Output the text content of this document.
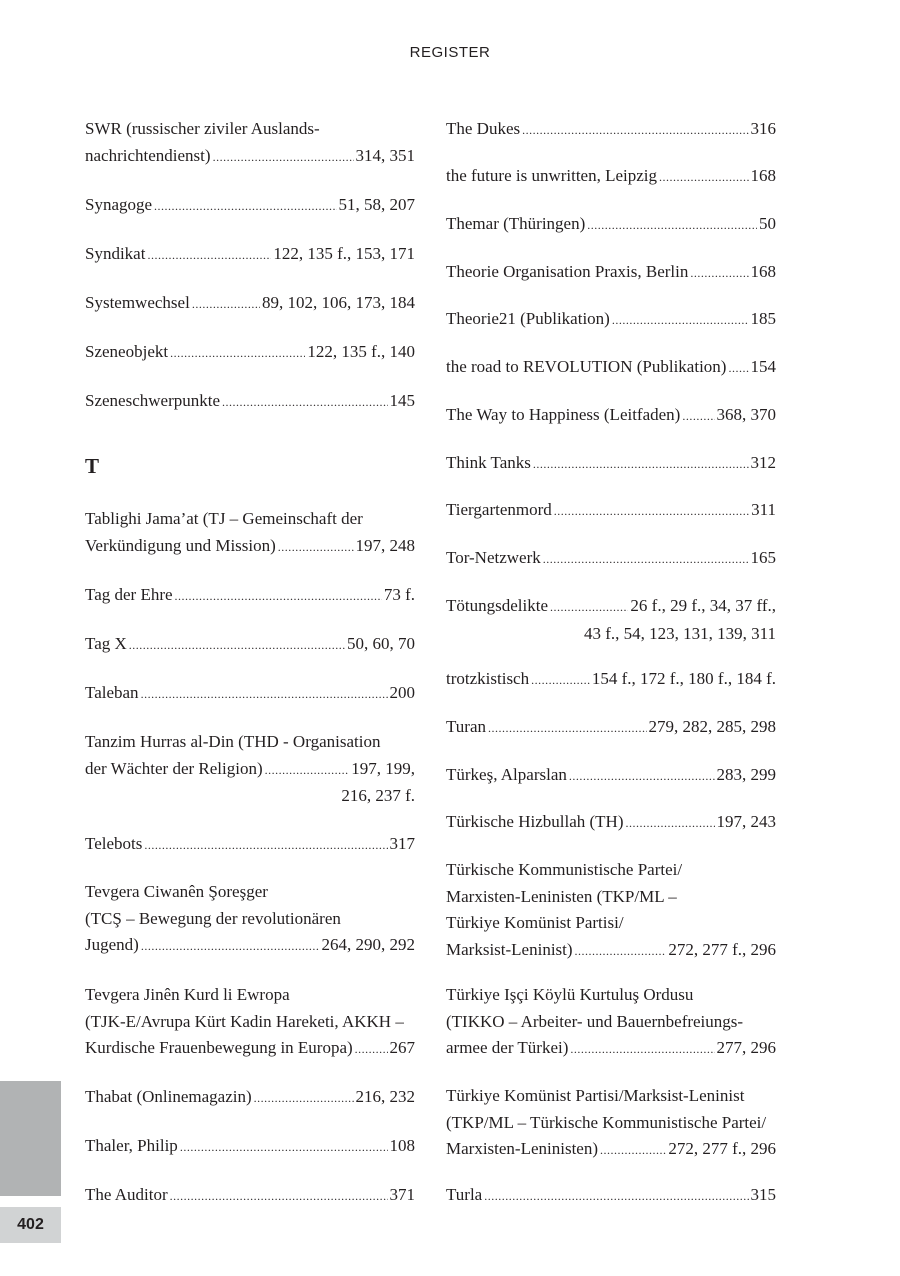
REGISTER
SWR (russischer ziviler Auslands-
nachrichtendienst) .....	314, 351
Synagoge .....	51, 58, 207
Syndikat .....	122, 135 f., 153, 171
Systemwechsel .....	89, 102, 106, 173, 184
Szeneobjekt .....	122, 135 f., 140
Szeneschwerpunkte .....	145
Tablighi Jama’at (TJ – Gemeinschaft der
Verkündigung und Mission) .....	197, 248
Tag der Ehre .....	73 f.
Tag X .....	50, 60, 70
Taleban .....	200
Tanzim Hurras al-Din (THD - Organisation
der Wächter der Religion) .....	197, 199,
216, 237 f.
Telebots .....	317
Tevgera Ciwanên Şoreşger
(TCŞ – Bewegung der revolutionären
Jugend) .....	264, 290, 292
Tevgera Jinên Kurd li Ewropa
(TJK-E/Avrupa Kürt Kadin Hareketi, AKKH –
Kurdische Frauenbewegung in Europa) ..... 267
Thabat (Onlinemagazin) .....	216, 232
Thaler, Philip .....	108
The Auditor .....	371
T
The Dukes .....	316
the future is unwritten, Leipzig .....	168
Themar (Thüringen) .....	50
Theorie Organisation Praxis, Berlin .....	168
Theorie21 (Publikation) .....	185
the road to REVOLUTION (Publikation) ..... 154
The Way to Happiness (Leitfaden) ..... 368, 370
Think Tanks .....	312
Tiergartenmord .....	311
Tor-Netzwerk .....	165
Tötungsdelikte .....	26 f., 29 f., 34, 37 ff.,
43 f., 54, 123, 131, 139, 311
trotzkistisch .....	154 f., 172 f., 180 f., 184 f.
Turan .....	279, 282, 285, 298
Türkeş, Alparslan .....	283, 299
Türkische Hizbullah (TH) .....	197, 243
Türkische Kommunistische Partei/
Marxisten-Leninisten (TKP/ML –
Türkiye Komünist Partisi/
Marksist-Leninist) .....	272, 277 f., 296
Türkiye Işçi Köylü Kurtuluş Ordusu
(TIKKO – Arbeiter- und Bauernbefreiungs-
armee der Türkei) .....	277, 296
Türkiye Komünist Partisi/Marksist-Leninist
(TKP/ML – Türkische Kommunistische Partei/
Marxisten-Leninisten) .....	272, 277 f., 296
Turla .....	315
402
